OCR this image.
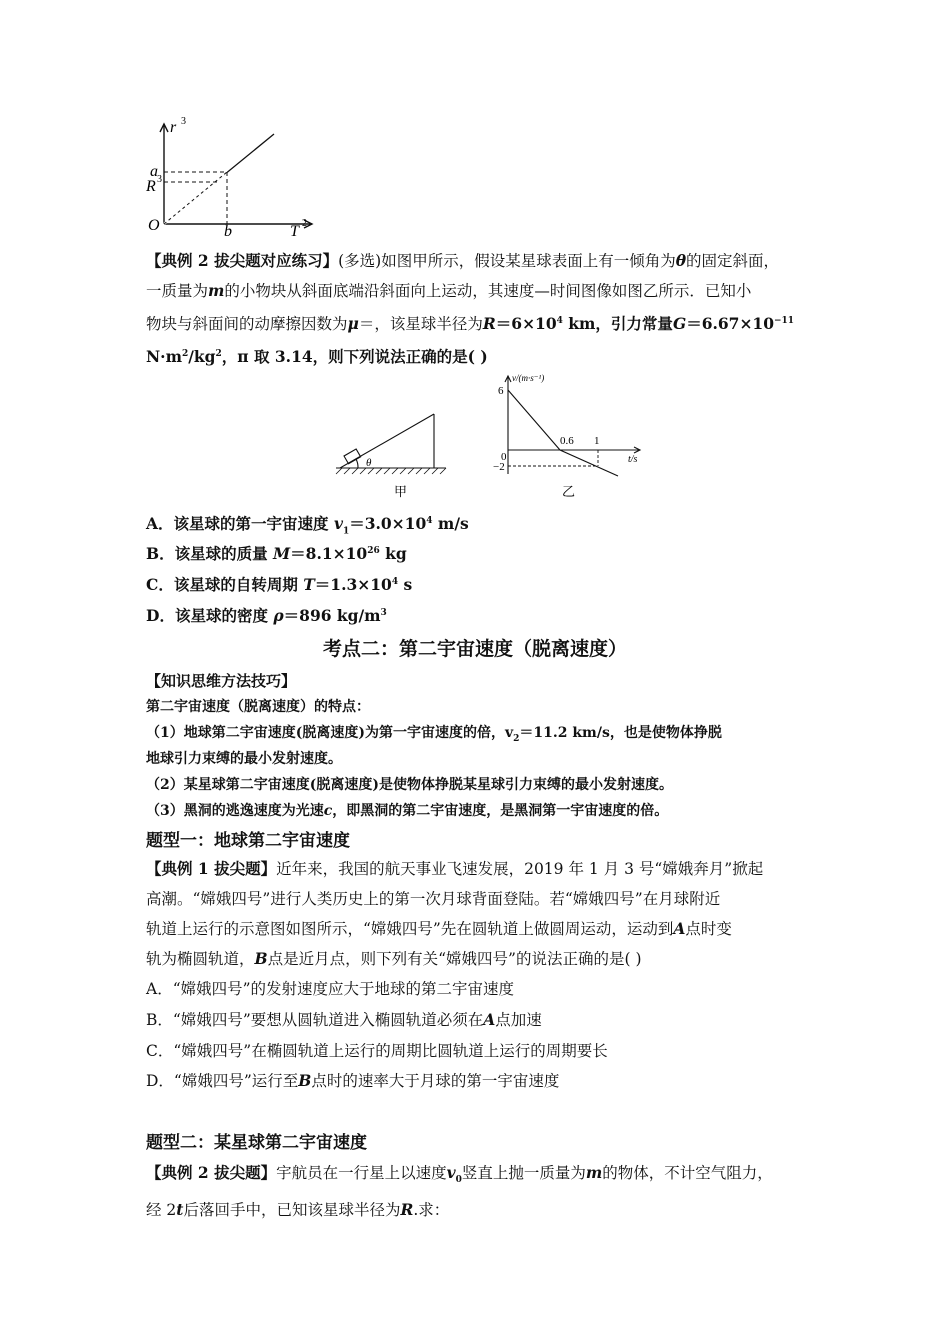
r 3
a
R 3
O	b	T 2
【典例 2 拔尖题对应练习】(多选)如图甲所示，假设某星球表面上有一倾角为θ的固定斜面，
一质量为m的小物块从斜面底端沿斜面向上运动，其速度—时间图像如图乙所示．已知小
物块与斜面间的动摩擦因数为μ＝，该星球半径为$R=6\times 10^4$ km，引力常量$G=6.67\times 10^{-11}$
$N\cdot m^2/kg^2$，π 取 3.14，则下列说法正确的是( )
θ
甲
v/(m·s⁻¹)
6
0
−2
0.6 1
t/s
乙
A．该星球的第一宇宙速度 $v_1=3.0\times 10^4$ m/s
B．该星球的质量 $M=8.1\times 10^{26}$ kg
C．该星球的自转周期 $T=1.3\times 10^4$ s
D．该星球的密度 ρ＝896 $kg/m^3$
考点二：第二宇宙速度（脱离速度）
【知识思维方法技巧】
第二宇宙速度（脱离速度）的特点：
（1）地球第二宇宙速度(脱离速度)为第一宇宙速度的倍，$v_2=11.2$ km/s，也是使物体挣脱
地球引力束缚的最小发射速度。
（2）某星球第二宇宙速度(脱离速度)是使物体挣脱某星球引力束缚的最小发射速度。
（3）黑洞的逃逸速度为光速c，即黑洞的第二宇宙速度，是黑洞第一宇宙速度的倍。
题型一：地球第二宇宙速度
【典例 1 拔尖题】近年来，我国的航天事业飞速发展，2019 年 1 月 3 号“嫦娥奔月”掀起
高潮。“嫦娥四号”进行人类历史上的第一次月球背面登陆。若“嫦娥四号”在月球附近
轨道上运行的示意图如图所示，“嫦娥四号”先在圆轨道上做圆周运动，运动到A点时变
轨为椭圆轨道，B点是近月点，则下列有关“嫦娥四号”的说法正确的是( )
A．“嫦娥四号”的发射速度应大于地球的第二宇宙速度
B．“嫦娥四号”要想从圆轨道进入椭圆轨道必须在A点加速
C．“嫦娥四号”在椭圆轨道上运行的周期比圆轨道上运行的周期要长
D．“嫦娥四号”运行至B点时的速率大于月球的第一宇宙速度
题型二：某星球第二宇宙速度
【典例 2 拔尖题】宇航员在一行星上以速度$v_0$竖直上抛一质量为m的物体，不计空气阻力，
经 2t后落回手中，已知该星球半径为R.求：
